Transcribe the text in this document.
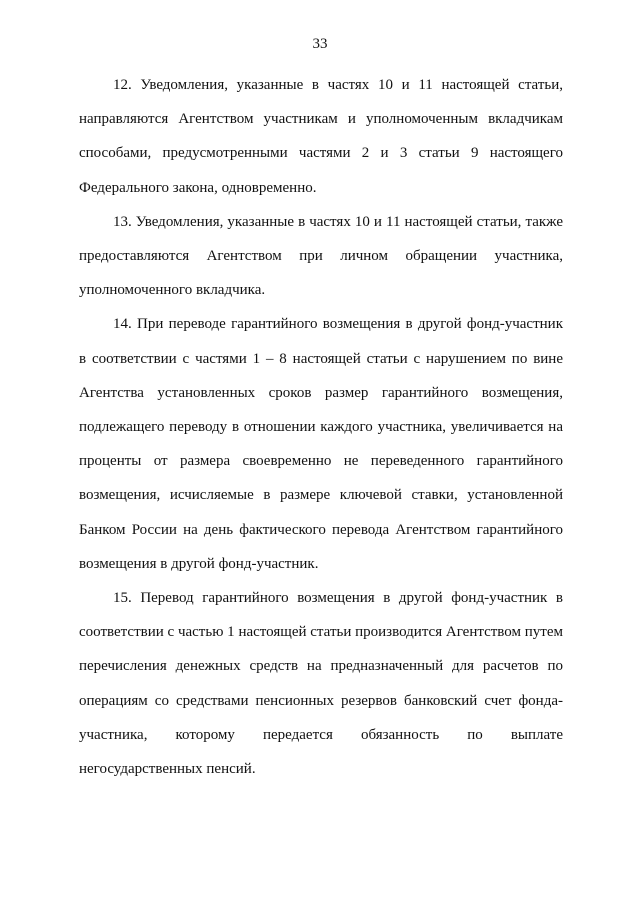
33

12. Уведомления, указанные в частях 10 и 11 настоящей статьи, направляются Агентством участникам и уполномоченным вкладчикам способами, предусмотренными частями 2 и 3 статьи 9 настоящего Федерального закона, одновременно.

13. Уведомления, указанные в частях 10 и 11 настоящей статьи, также предоставляются Агентством при личном обращении участника, уполномоченного вкладчика.

14. При переводе гарантийного возмещения в другой фонд-участник в соответствии с частями 1 – 8 настоящей статьи с нарушением по вине Агентства установленных сроков размер гарантийного возмещения, подлежащего переводу в отношении каждого участника, увеличивается на проценты от размера своевременно не переведенного гарантийного возмещения, исчисляемые в размере ключевой ставки, установленной Банком России на день фактического перевода Агентством гарантийного возмещения в другой фонд-участник.

15. Перевод гарантийного возмещения в другой фонд-участник в соответствии с частью 1 настоящей статьи производится Агентством путем перечисления денежных средств на предназначенный для расчетов по операциям со средствами пенсионных резервов банковский счет фонда-участника, которому передается обязанность по выплате негосударственных пенсий.
